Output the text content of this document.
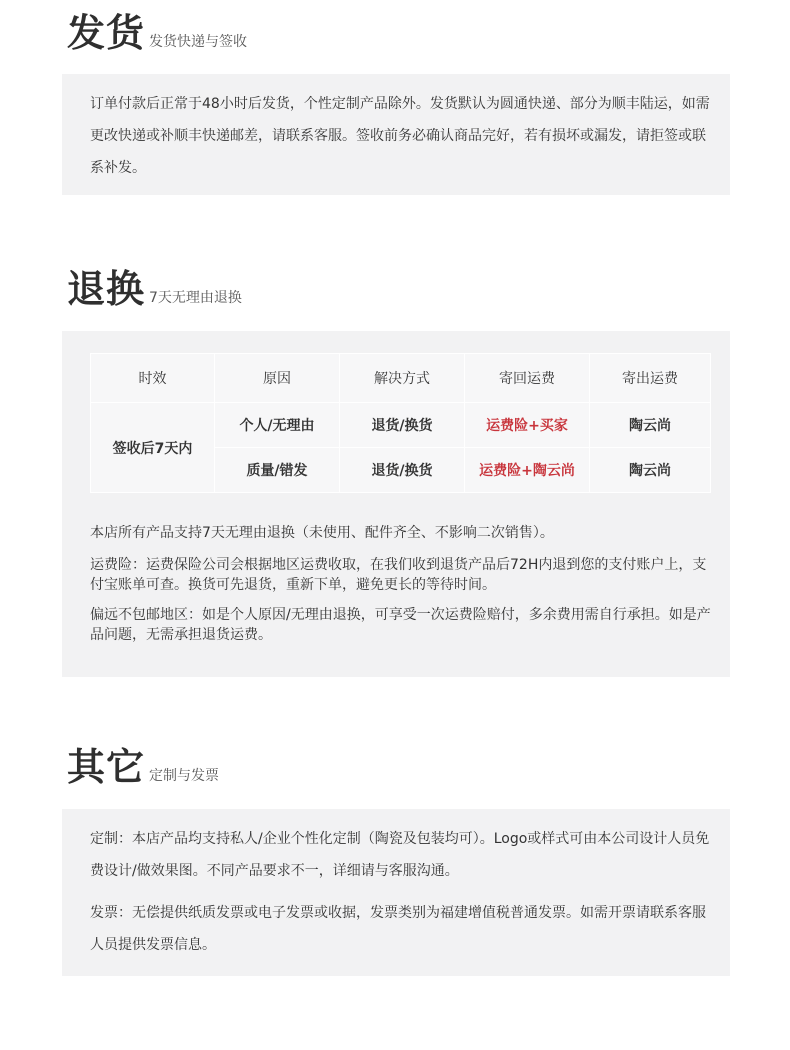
发货 发货快递与签收
订单付款后正常于48小时后发货，个性定制产品除外。发货默认为圆通快递、部分为顺丰陆运，如需更改快递或补顺丰快递邮差，请联系客服。签收前务必确认商品完好，若有损坏或漏发，请拒签或联系补发。
退换 7天无理由退换
时效	原因	解决方式	寄回运费	寄出运费
签收后7天内	个人/无理由	退货/换货	运费险+买家	陶云尚
	质量/错发	退货/换货	运费险+陶云尚	陶云尚
本店所有产品支持7天无理由退换（未使用、配件齐全、不影响二次销售）。
运费险：运费保险公司会根据地区运费收取，在我们收到退货产品后72H内退到您的支付账户上，支付宝账单可查。换货可先退货，重新下单，避免更长的等待时间。
偏远不包邮地区：如是个人原因/无理由退换，可享受一次运费险赔付，多余费用需自行承担。如是产品问题，无需承担退货运费。
其它 定制与发票
定制：本店产品均支持私人/企业个性化定制（陶瓷及包装均可）。Logo或样式可由本公司设计人员免费设计/做效果图。不同产品要求不一，详细请与客服沟通。
发票：无偿提供纸质发票或电子发票或收据，发票类别为福建增值税普通发票。如需开票请联系客服人员提供发票信息。
